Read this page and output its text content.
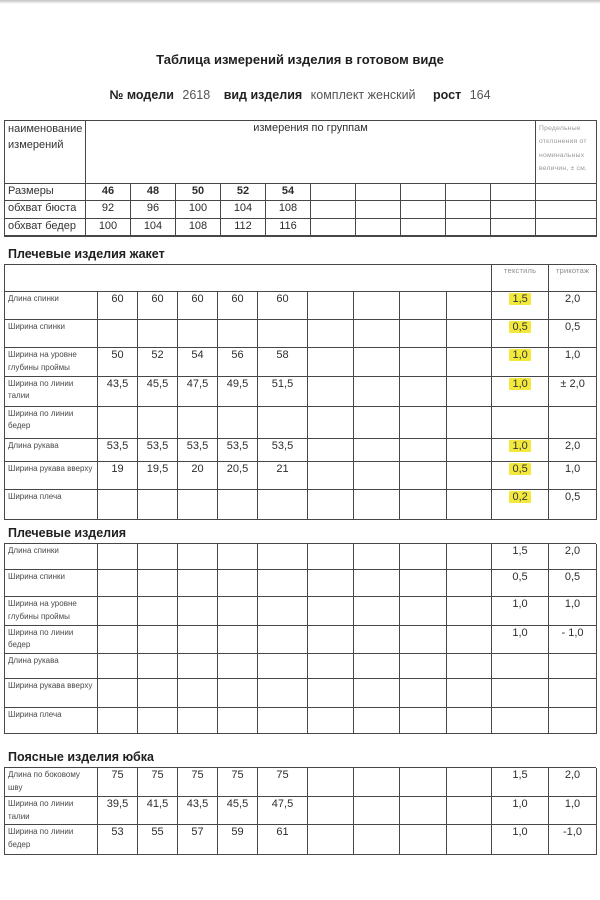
Таблица измерений изделия в готовом виде
№ модели 2618 вид изделия комплект женский рост 164
наименование измерений	измерения по группам										Предельные отклонения от номинальных величин, ± см.
Размеры	46	48	50	52	54						
обхват бюста	92	96	100	104	108						
обхват бедер	100	104	108	112	116						
Плечевые изделия жакет
										текстиль	трикотаж
Длина спинки	60	60	60	60	60					1,5	2,0
Ширина спинки										0,5	0,5
Ширина на уровне глубины проймы	50	52	54	56	58					1,0	1,0
Ширина по линии талии	43,5	45,5	47,5	49,5	51,5					1,0	± 2,0
Ширина по линии бедер											
Длина рукава	53,5	53,5	53,5	53,5	53,5					1,0	2,0
Ширина рукава вверху	19	19,5	20	20,5	21					0,5	1,0
Ширина плеча										0,2	0,5
Плечевые изделия
Длина спинки										1,5	2,0
Ширина спинки										0,5	0,5
Ширина на уровне глубины проймы										1,0	1,0
Ширина по линии бедер										1,0	- 1,0
Длина рукава											
Ширина рукава вверху											
Ширина плеча											
Поясные изделия юбка
Длина по боковому шву	75	75	75	75	75					1,5	2,0
Ширина по линии талии	39,5	41,5	43,5	45,5	47,5					1,0	1,0
Ширина по линии бедер	53	55	57	59	61					1,0	-1,0
